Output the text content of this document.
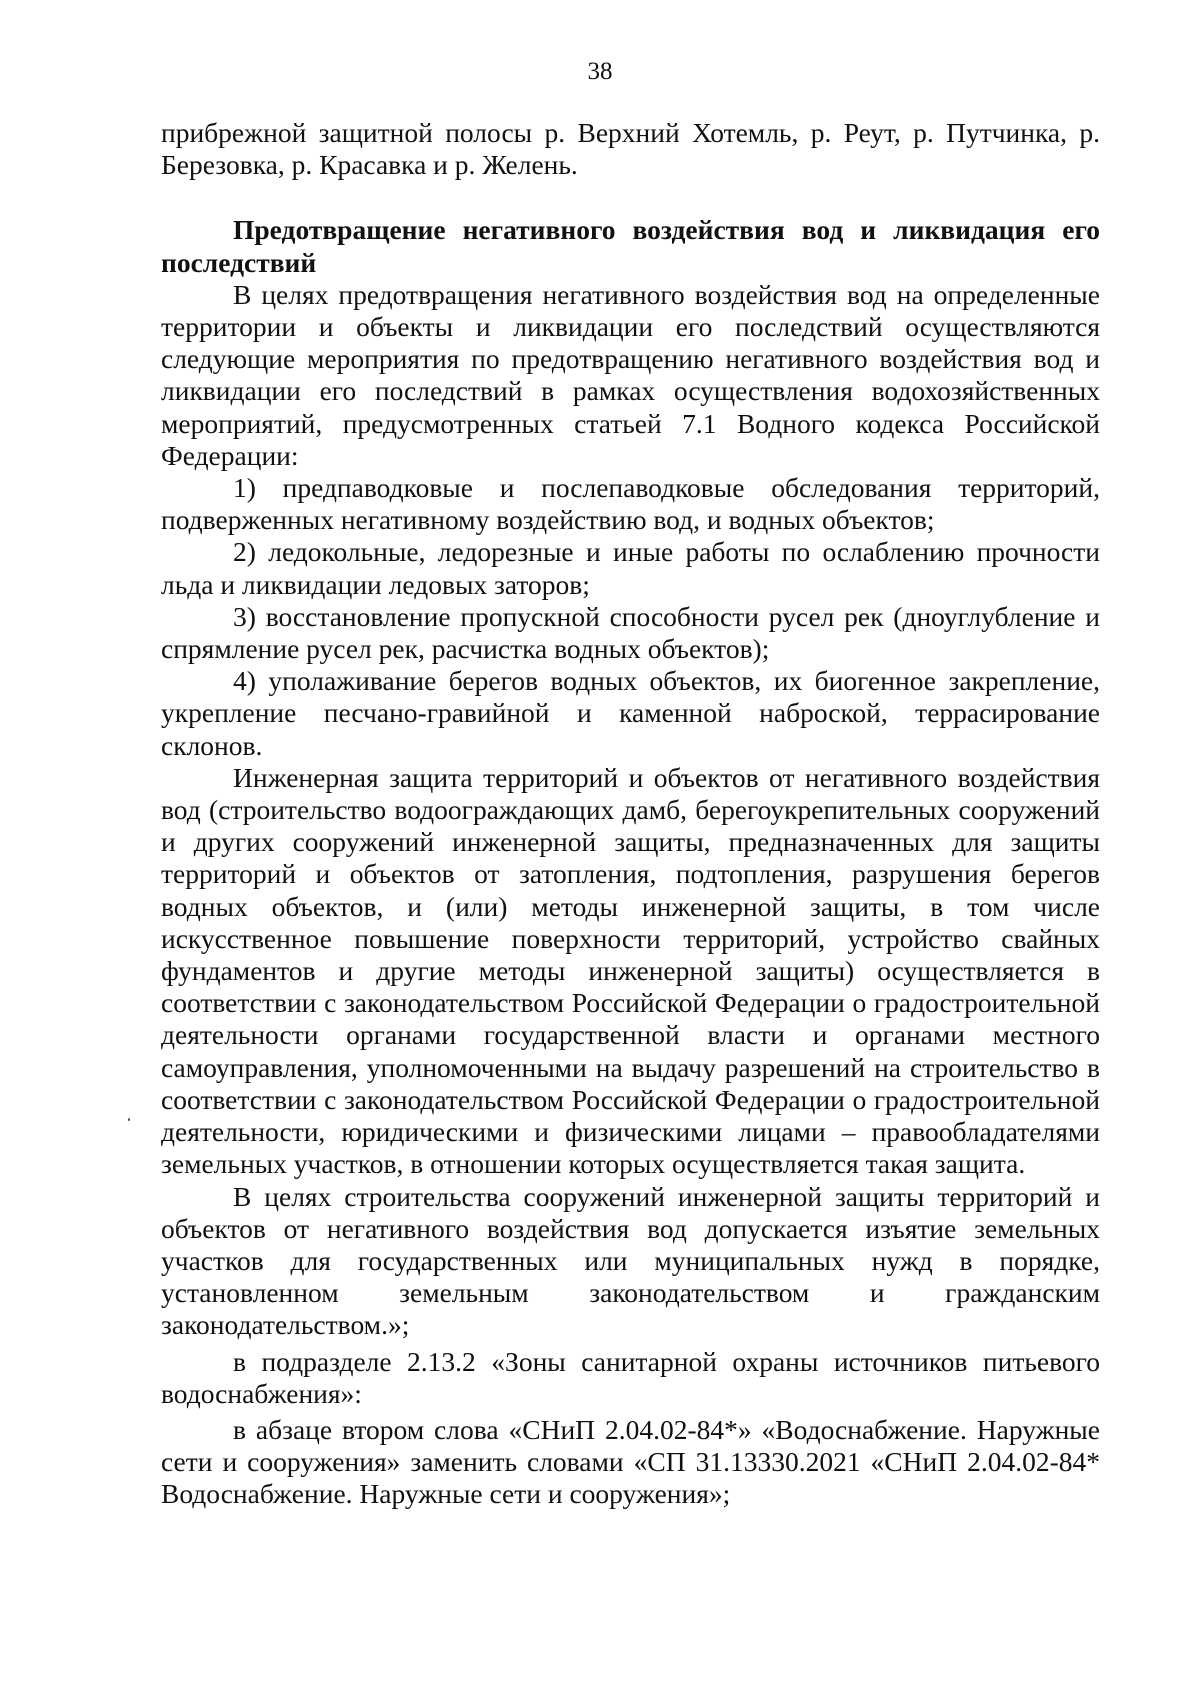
38

прибрежной защитной полосы р. Верхний Хотемль, р. Реут, р. Путчинка, р. Березовка, р. Красавка и р. Желень.

Предотвращение негативного воздействия вод и ликвидация его последствий

В целях предотвращения негативного воздействия вод на определенные территории и объекты и ликвидации его последствий осуществляются следующие мероприятия по предотвращению негативного воздействия вод и ликвидации его последствий в рамках осуществления водохозяйственных мероприятий, предусмотренных статьей 7.1 Водного кодекса Российской Федерации:

1) предпаводковые и послепаводковые обследования территорий, подверженных негативному воздействию вод, и водных объектов;

2) ледокольные, ледорезные и иные работы по ослаблению прочности льда и ликвидации ледовых заторов;

3) восстановление пропускной способности русел рек (дноуглубление и спрямление русел рек, расчистка водных объектов);

4) уполаживание берегов водных объектов, их биогенное закрепление, укрепление песчано-гравийной и каменной наброской, террасирование склонов.

Инженерная защита территорий и объектов от негативного воздействия вод (строительство водоограждающих дамб, берегоукрепительных сооружений и других сооружений инженерной защиты, предназначенных для защиты территорий и объектов от затопления, подтопления, разрушения берегов водных объектов, и (или) методы инженерной защиты, в том числе искусственное повышение поверхности территорий, устройство свайных фундаментов и другие методы инженерной защиты) осуществляется в соответствии с законодательством Российской Федерации о градостроительной деятельности органами государственной власти и органами местного самоуправления, уполномоченными на выдачу разрешений на строительство в соответствии с законодательством Российской Федерации о градостроительной деятельности, юридическими и физическими лицами – правообладателями земельных участков, в отношении которых осуществляется такая защита.

В целях строительства сооружений инженерной защиты территорий и объектов от негативного воздействия вод допускается изъятие земельных участков для государственных или муниципальных нужд в порядке, установленном земельным законодательством и гражданским законодательством.»;

в подразделе 2.13.2 «Зоны санитарной охраны источников питьевого водоснабжения»:

в абзаце втором слова «СНиП 2.04.02-84*» «Водоснабжение. Наружные сети и сооружения» заменить словами «СП 31.13330.2021 «СНиП 2.04.02-84* Водоснабжение. Наружные сети и сооружения»;
